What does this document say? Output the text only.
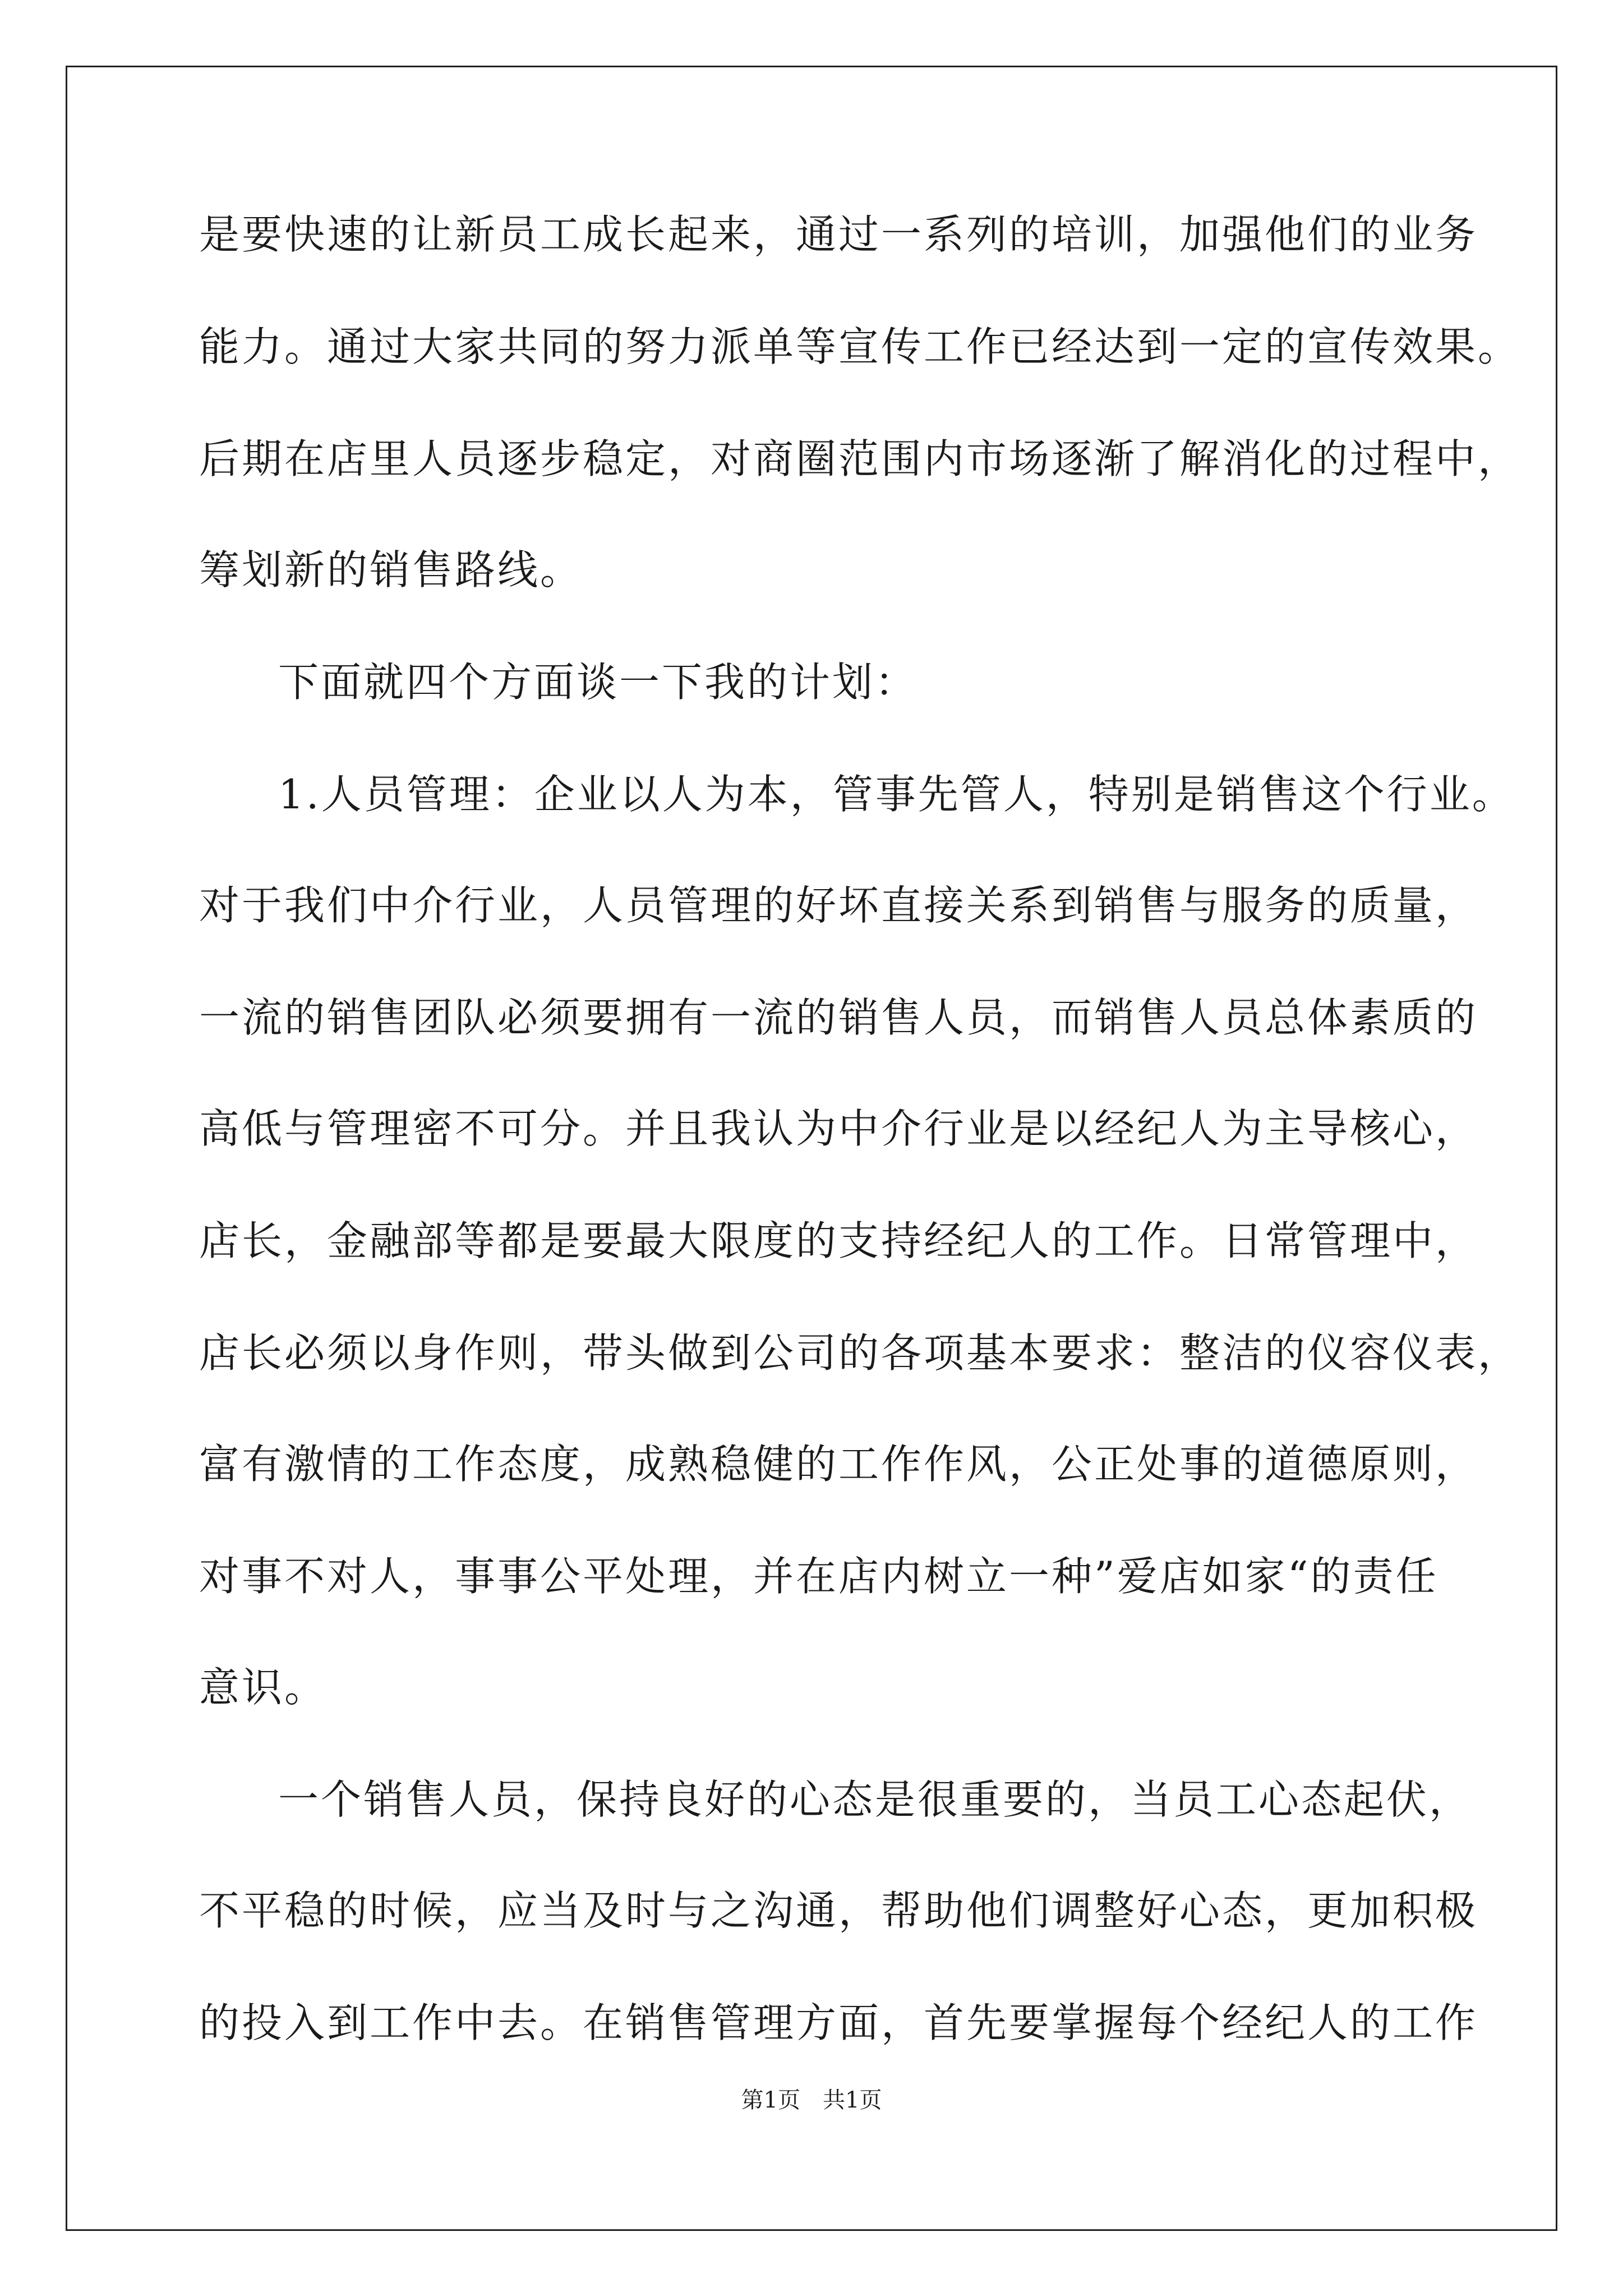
是要快速的让新员工成长起来，通过一系列的培训，加强他们的业务
能力。通过大家共同的努力派单等宣传工作已经达到一定的宣传效果。
后期在店里人员逐步稳定，对商圈范围内市场逐渐了解消化的过程中，
筹划新的销售路线。
下面就四个方面谈一下我的计划：
1.人员管理：企业以人为本，管事先管人，特别是销售这个行业。
对于我们中介行业，人员管理的好坏直接关系到销售与服务的质量，
一流的销售团队必须要拥有一流的销售人员，而销售人员总体素质的
高低与管理密不可分。并且我认为中介行业是以经纪人为主导核心，
店长，金融部等都是要最大限度的支持经纪人的工作。日常管理中，
店长必须以身作则，带头做到公司的各项基本要求：整洁的仪容仪表，
富有激情的工作态度，成熟稳健的工作作风，公正处事的道德原则，
对事不对人，事事公平处理，并在店内树立一种”爱店如家“的责任
意识。
一个销售人员，保持良好的心态是很重要的，当员工心态起伏，
不平稳的时候，应当及时与之沟通，帮助他们调整好心态，更加积极
的投入到工作中去。在销售管理方面，首先要掌握每个经纪人的工作
第1页　共1页
